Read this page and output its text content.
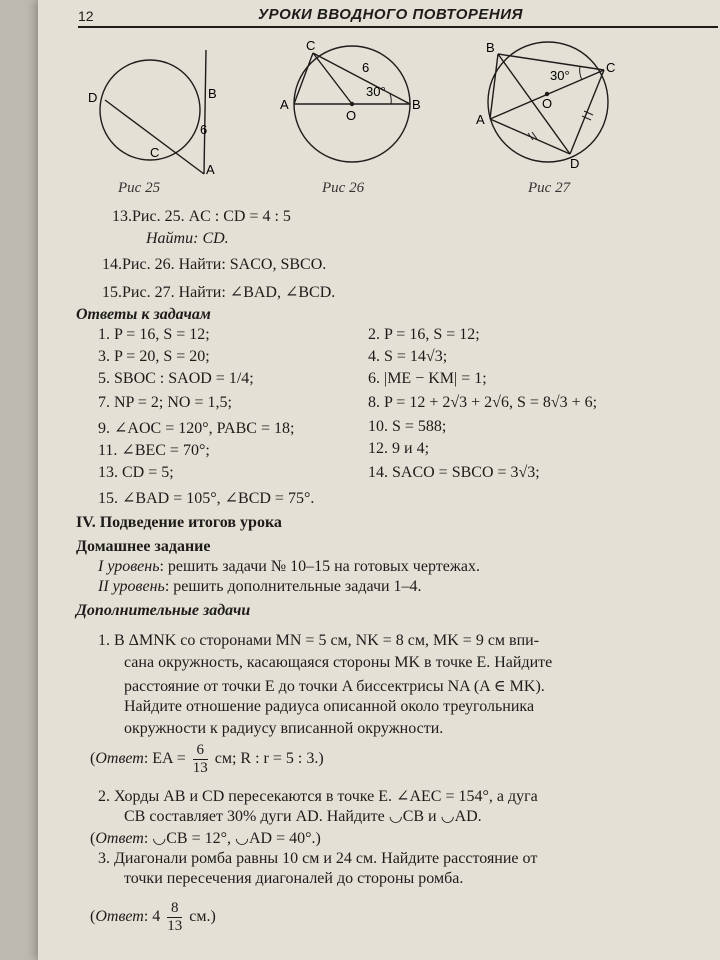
12	УРОКИ ВВОДНОГО ПОВТОРЕНИЯ
D	B
6
C
A
Рис 25
C
6
30°
A	B
O
Рис 26
B
30°
C
O
A
D
Рис 27
13.Рис. 25. AC : CD = 4 : 5
Найти: CD.
14.Рис. 26. Найти: SACO, SBCO.
15.Рис. 27. Найти: ∠BAD, ∠BCD.
Ответы к задачам
1. P = 16, S = 12;	2. P = 16, S = 12;
3. P = 20, S = 20;	4. S = 14√3;
5. SBOC : SAOD = 1/4;	6. |ME − KM| = 1;
7. NP = 2; NO = 1,5;	8. P = 12 + 2√3 + 2√6, S = 8√3 + 6;
9. ∠AOC = 120°, PABC = 18;	10. S = 588;
11. ∠BEC = 70°;	12. 9 и 4;
13. CD = 5;	14. SACO = SBCO = 3√3;
15. ∠BAD = 105°, ∠BCD = 75°.
IV. Подведение итогов урока
Домашнее задание
I уровень: решить задачи № 10–15 на готовых чертежах.
II уровень: решить дополнительные задачи 1–4.
Дополнительные задачи
1. В ΔMNK со сторонами MN = 5 см, NK = 8 см, MK = 9 см впи-
сана окружность, касающаяся стороны MK в точке E. Найдите
расстояние от точки E до точки A биссектрисы NA (A ∈ MK).
Найдите отношение радиуса описанной около треугольника
окружности к радиусу вписанной окружности.
(Ответ: EA = $\frac{6}{13}$ см; R : r = 5 : 3.)
2. Хорды AB и CD пересекаются в точке E. ∠AEC = 154°, а дуга
CB составляет 30% дуги AD. Найдите ◡CB и ◡AD.
(Ответ: ◡CB = 12°, ◡AD = 40°.)
3. Диагонали ромба равны 10 см и 24 см. Найдите расстояние от
точки пересечения диагоналей до стороны ромба.
(Ответ: $4 \frac{8}{13} см$.)
